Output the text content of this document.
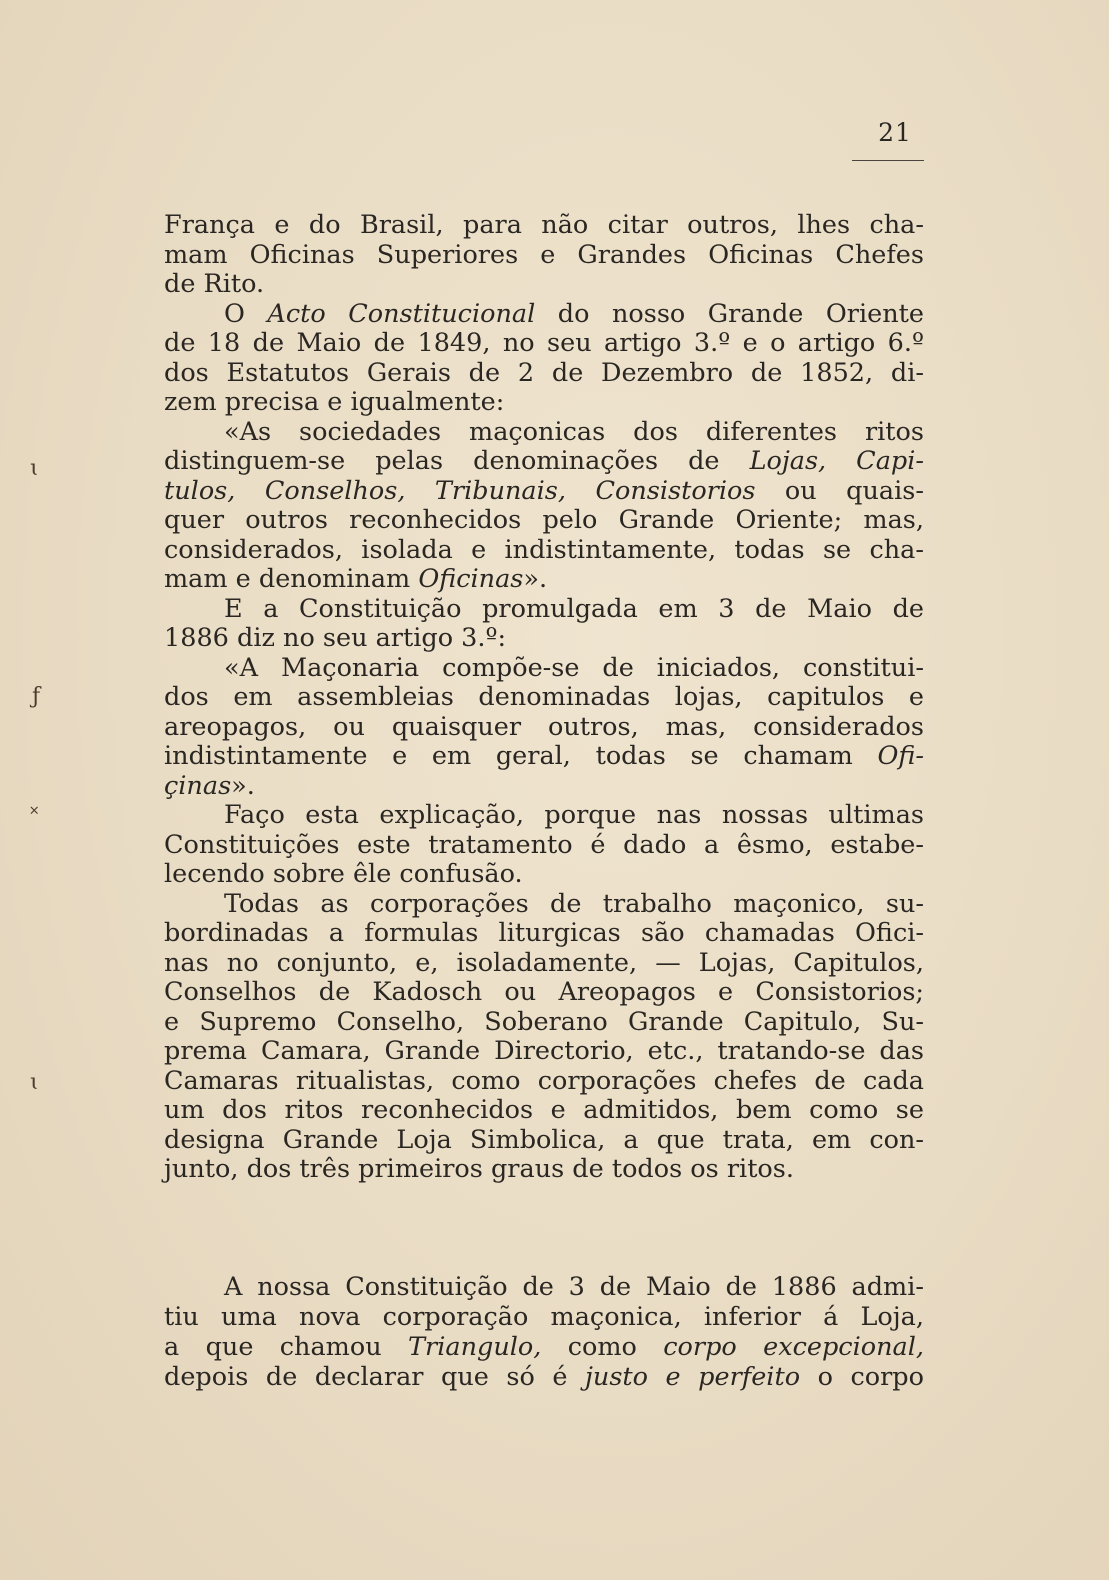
21
França e do Brasil, para não citar outros, lhes cha-
mam Oficinas Superiores e Grandes Oficinas Chefes
de Rito.
O Acto Constitucional do nosso Grande Oriente
de 18 de Maio de 1849, no seu artigo 3.º e o artigo 6.º
dos Estatutos Gerais de 2 de Dezembro de 1852, di-
zem precisa e igualmente:
«As sociedades maçonicas dos diferentes ritos
distinguem-se pelas denominações de Lojas, Capi-
tulos, Conselhos, Tribunais, Consistorios ou quais-
quer outros reconhecidos pelo Grande Oriente; mas,
considerados, isolada e indistintamente, todas se cha-
mam e denominam Oficinas».
E a Constituição promulgada em 3 de Maio de
1886 diz no seu artigo 3.º:
«A Maçonaria compõe-se de iniciados, constitui-
dos em assembleias denominadas lojas, capitulos e
areopagos, ou quaisquer outros, mas, considerados
indistintamente e em geral, todas se chamam Ofi-
çinas».
Faço esta explicação, porque nas nossas ultimas
Constituições este tratamento é dado a êsmo, estabe-
lecendo sobre êle confusão.
Todas as corporações de trabalho maçonico, su-
bordinadas a formulas liturgicas são chamadas Ofici-
nas no conjunto, e, isoladamente, — Lojas, Capitulos,
Conselhos de Kadosch ou Areopagos e Consistorios;
e Supremo Conselho, Soberano Grande Capitulo, Su-
prema Camara, Grande Directorio, etc., tratando-se das
Camaras ritualistas, como corporações chefes de cada
um dos ritos reconhecidos e admitidos, bem como se
designa Grande Loja Simbolica, a que trata, em con-
junto, dos três primeiros graus de todos os ritos.
A nossa Constituição de 3 de Maio de 1886 admi-
tiu uma nova corporação maçonica, inferior á Loja,
a que chamou Triangulo, como corpo excepcional,
depois de declarar que só é justo e perfeito o corpo
ɩ
ƒ
˟
ɩ
